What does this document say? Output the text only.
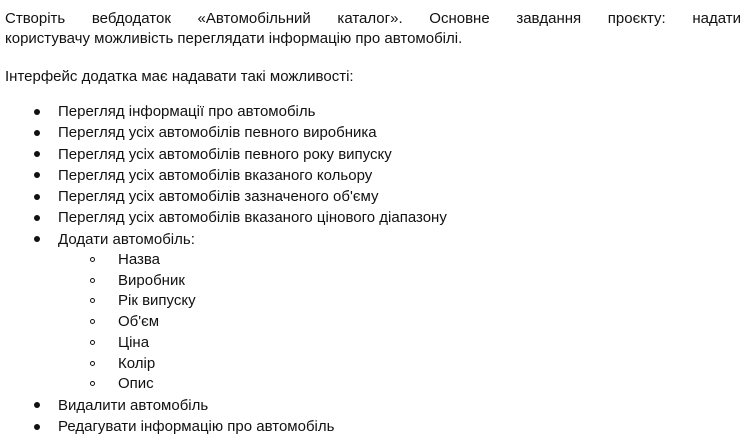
Створіть вебдодаток «Автомобільний каталог». Основне завдання проєкту: надати
користувачу можливість переглядати інформацію про автомобілі.

Інтерфейс додатка має надавати такі можливості:

Перегляд інформації про автомобіль
Перегляд усіх автомобілів певного виробника
Перегляд усіх автомобілів певного року випуску
Перегляд усіх автомобілів вказаного кольору
Перегляд усіх автомобілів зазначеного об'єму
Перегляд усіх автомобілів вказаного цінового діапазону
Додати автомобіль:
Назва
Виробник
Рік випуску
Об'єм
Ціна
Колір
Опис
Видалити автомобіль
Редагувати інформацію про автомобіль
